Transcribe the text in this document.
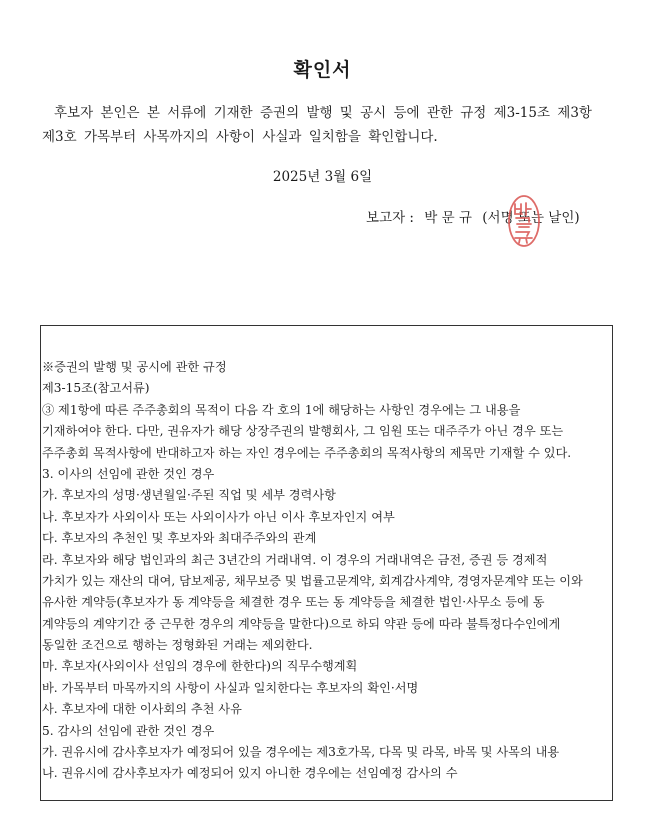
확인서
후보자 본인은 본 서류에 기재한 증권의 발행 및 공시 등에 관한 규정 제3-15조 제3항
제3호 가목부터 사목까지의 사항이 사실과 일치함을 확인합니다.
2025년 3월 6일
보고자 : 박 문 규 (서명 또는 날인)
※증권의 발행 및 공시에 관한 규정
제3-15조(참고서류)
③ 제1항에 따른 주주총회의 목적이 다음 각 호의 1에 해당하는 사항인 경우에는 그 내용을
기재하여야 한다. 다만, 권유자가 해당 상장주권의 발행회사, 그 임원 또는 대주주가 아닌 경우 또는
주주총회 목적사항에 반대하고자 하는 자인 경우에는 주주총회의 목적사항의 제목만 기재할 수 있다.
3. 이사의 선임에 관한 것인 경우
가. 후보자의 성명·생년월일·주된 직업 및 세부 경력사항
나. 후보자가 사외이사 또는 사외이사가 아닌 이사 후보자인지 여부
다. 후보자의 추천인 및 후보자와 최대주주와의 관계
라. 후보자와 해당 법인과의 최근 3년간의 거래내역. 이 경우의 거래내역은 금전, 증권 등 경제적
가치가 있는 재산의 대여, 담보제공, 채무보증 및 법률고문계약, 회계감사계약, 경영자문계약 또는 이와
유사한 계약등(후보자가 동 계약등을 체결한 경우 또는 동 계약등을 체결한 법인·사무소 등에 동
계약등의 계약기간 중 근무한 경우의 계약등을 말한다)으로 하되 약관 등에 따라 불특정다수인에게
동일한 조건으로 행하는 정형화된 거래는 제외한다.
마. 후보자(사외이사 선임의 경우에 한한다)의 직무수행계획
바. 가목부터 마목까지의 사항이 사실과 일치한다는 후보자의 확인·서명
사. 후보자에 대한 이사회의 추천 사유
5. 감사의 선임에 관한 것인 경우
가. 권유시에 감사후보자가 예정되어 있을 경우에는 제3호가목, 다목 및 라목, 바목 및 사목의 내용
나. 권유시에 감사후보자가 예정되어 있지 아니한 경우에는 선임예정 감사의 수
